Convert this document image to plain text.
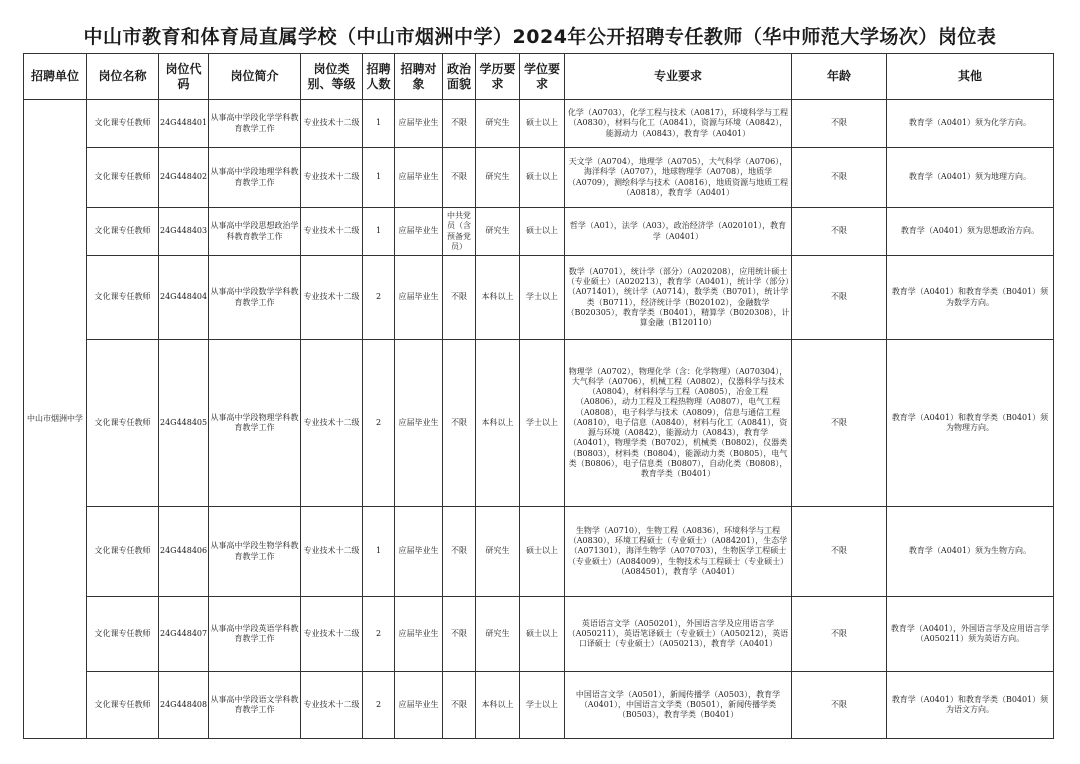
中山市教育和体育局直属学校（中山市烟洲中学）2024年公开招聘专任教师（华中师范大学场次）岗位表
招聘单位	岗位名称	岗位代码	岗位简介	岗位类别、等级	招聘人数	招聘对象	政治面貌	学历要求	学位要求	专业要求	年龄	其他
中山市烟洲中学	文化课专任教师	24G448401	从事高中学段化学学科教育教学工作	专业技术十二级	1	应届毕业生	不限	研究生	硕士以上	化学（A0703），化学工程与技术（A0817），环境科学与工程（A0830），材料与化工（A0841），资源与环境（A0842），能源动力（A0843），教育学（A0401）	不限	教育学（A0401）须为化学方向。
	文化课专任教师	24G448402	从事高中学段地理学科教育教学工作	专业技术十二级	1	应届毕业生	不限	研究生	硕士以上	天文学（A0704），地理学（A0705），大气科学（A0706），海洋科学（A0707），地球物理学（A0708），地质学（A0709），测绘科学与技术（A0816），地质资源与地质工程（A0818），教育学（A0401）	不限	教育学（A0401）须为地理方向。
	文化课专任教师	24G448403	从事高中学段思想政治学科教育教学工作	专业技术十二级	1	应届毕业生	中共党员（含预备党员）	研究生	硕士以上	哲学（A01），法学（A03），政治经济学（A020101），教育学（A0401）	不限	教育学（A0401）须为思想政治方向。
	文化课专任教师	24G448404	从事高中学段数学学科教育教学工作	专业技术十二级	2	应届毕业生	不限	本科以上	学士以上	数学（A0701），统计学（部分）（A020208），应用统计硕士（专业硕士）（A020213），教育学（A0401），统计学（部分）（A071401），统计学（A0714），数学类（B0701），统计学类（B0711），经济统计学（B020102），金融数学（B020305），教育学类（B0401），精算学（B020308），计算金融（B120110）	不限	教育学（A0401）和教育学类（B0401）须为数学方向。
	文化课专任教师	24G448405	从事高中学段物理学科教育教学工作	专业技术十二级	2	应届毕业生	不限	本科以上	学士以上	物理学（A0702），物理化学（含：化学物理）（A070304），大气科学（A0706），机械工程（A0802），仪器科学与技术（A0804），材料科学与工程（A0805），冶金工程（A0806），动力工程及工程热物理（A0807），电气工程（A0808），电子科学与技术（A0809），信息与通信工程（A0810），电子信息（A0840），材料与化工（A0841），资源与环境（A0842），能源动力（A0843），教育学（A0401），物理学类（B0702），机械类（B0802），仪器类（B0803），材料类（B0804），能源动力类（B0805），电气类（B0806），电子信息类（B0807），自动化类（B0808），教育学类（B0401）	不限	教育学（A0401）和教育学类（B0401）须为物理方向。
	文化课专任教师	24G448406	从事高中学段生物学科教育教学工作	专业技术十二级	1	应届毕业生	不限	研究生	硕士以上	生物学（A0710），生物工程（A0836），环境科学与工程（A0830），环境工程硕士（专业硕士）（A084201），生态学（A071301），海洋生物学（A070703），生物医学工程硕士（专业硕士）（A084009），生物技术与工程硕士（专业硕士）（A084501），教育学（A0401）	不限	教育学（A0401）须为生物方向。
	文化课专任教师	24G448407	从事高中学段英语学科教育教学工作	专业技术十二级	2	应届毕业生	不限	研究生	硕士以上	英语语言文学（A050201），外国语言学及应用语言学（A050211），英语笔译硕士（专业硕士）（A050212），英语口译硕士（专业硕士）（A050213），教育学（A0401）	不限	教育学（A0401），外国语言学及应用语言学（A050211）须为英语方向。
	文化课专任教师	24G448408	从事高中学段语文学科教育教学工作	专业技术十二级	2	应届毕业生	不限	本科以上	学士以上	中国语言文学（A0501），新闻传播学（A0503），教育学（A0401），中国语言文学类（B0501），新闻传播学类（B0503），教育学类（B0401）	不限	教育学（A0401）和教育学类（B0401）须为语文方向。
